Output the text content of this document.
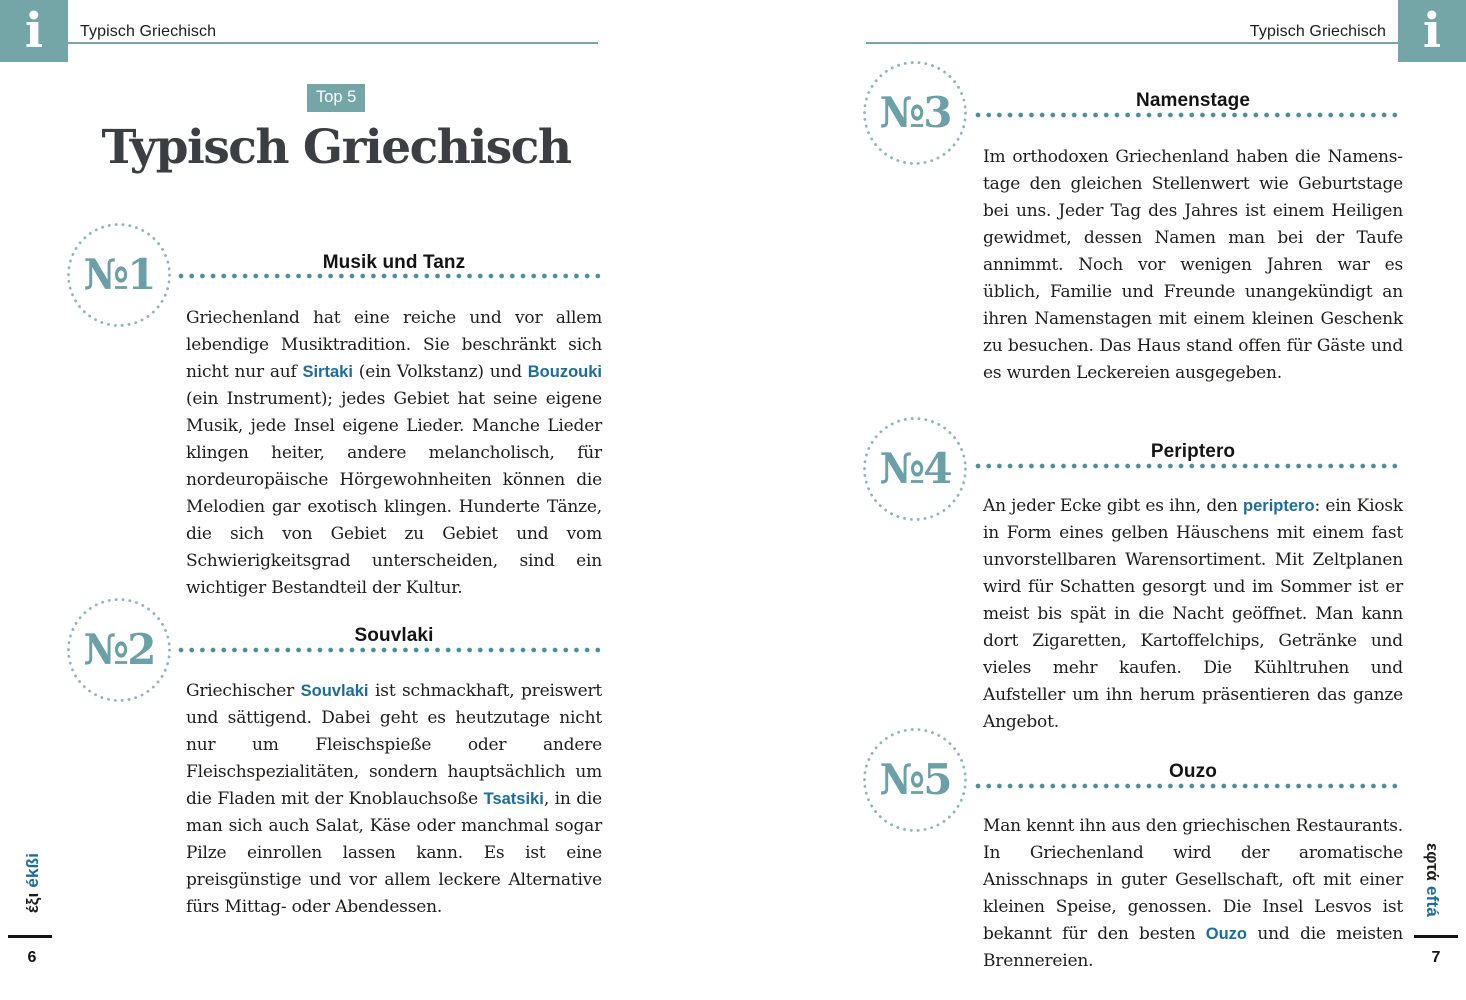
i Typisch Griechisch
Top 5
Typisch Griechisch
№1	Musik und Tanz
Griechenland hat eine reiche und vor allem lebendige Musiktradition. Sie beschränkt sich nicht nur auf Sirtaki (ein Volkstanz) und Bouzouki (ein Instrument); jedes Gebiet hat seine eigene Musik, jede Insel eigene Lieder. Manche Lieder klingen heiter, andere melancholisch, für nordeuropäische Hörgewohnheiten können die Melodien gar exotisch klingen. Hunderte Tänze, die sich von Gebiet zu Gebiet und vom Schwierigkeitsgrad unterscheiden, sind ein wichtiger Bestandteil der Kultur.
№2	Souvlaki
Griechischer Souvlaki ist schmackhaft, preiswert und sättigend. Dabei geht es heutzutage nicht nur um Fleischspieße oder andere Fleischspezialitäten, sondern hauptsächlich um die Fladen mit der Knoblauchsoße Tsatsiki, in die man sich auch Salat, Käse oder manchmal sogar Pilze einrollen lassen kann. Es ist eine preisgünstige und vor allem leckere Alternative fürs Mittag- oder Abendessen.
έξι ékßi
6
i
Typisch Griechisch
№3	Namenstage
Im orthodoxen Griechenland haben die Namenstage den gleichen Stellenwert wie Geburtstage bei uns. Jeder Tag des Jahres ist einem Heiligen gewidmet, dessen Namen man bei der Taufe annimmt. Noch vor wenigen Jahren war es üblich, Familie und Freunde unangekündigt an ihren Namenstagen mit einem kleinen Geschenk zu besuchen. Das Haus stand offen für Gäste und es wurden Leckereien ausgegeben.
№4	Periptero
An jeder Ecke gibt es ihn, den periptero: ein Kiosk in Form eines gelben Häuschens mit einem fast unvorstellbaren Warensortiment. Mit Zeltplanen wird für Schatten gesorgt und im Sommer ist er meist bis spät in die Nacht geöffnet. Man kann dort Zigaretten, Kartoffelchips, Getränke und vieles mehr kaufen. Die Kühltruhen und Aufsteller um ihn herum präsentieren das ganze Angebot.
№5	Ouzo
Man kennt ihn aus den griechischen Restaurants. In Griechenland wird der aromatische Anisschnaps in guter Gesellschaft, oft mit einer kleinen Speise, genossen. Die Insel Lesvos ist bekannt für den besten Ouzo und die meisten Brennereien.
εφτά eftá
7
